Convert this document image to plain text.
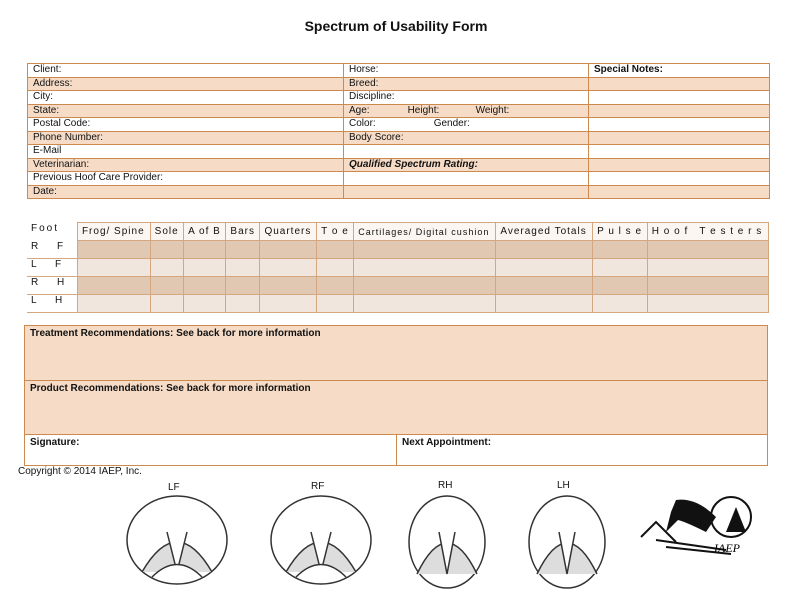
Spectrum of Usability Form
Client:	Horse:	Special Notes:
Address:	Breed:	
City:	Discipline:	
State:	Age: Height: Weight:	

Postal Code:	Color: Gender:	

Phone Number:	Body Score:	
E-Mail		
Veterinarian:	Qualified Spectrum Rating:	
Previous Hoof Care Provider:		
Date:		
Foot	Frog/ Spine	Sole	A of B	Bars	Quarters	T o e	Cartilages/ Digital cushion	Averaged Totals	P u l s e	H o o f   T e s t e r s
R F										
L F										
R H										
L H										
Treatment Recommendations: See back for more information
Product Recommendations: See back for more information
Signature:	Next Appointment:
Copyright © 2014 IAEP, Inc.
LF	RF	RH	LH
IAEP
